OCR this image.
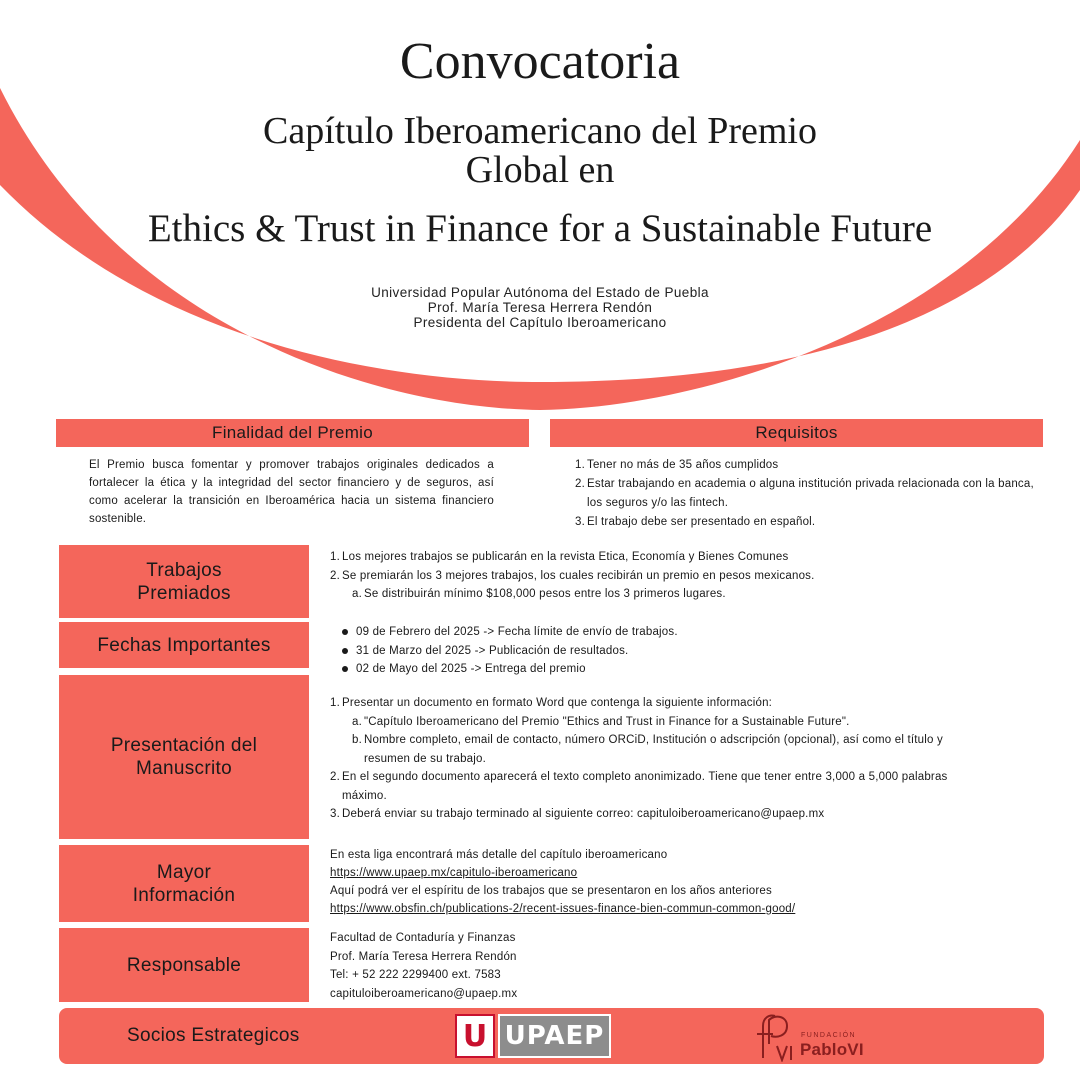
Convocatoria
Capítulo Iberoamericano del Premio
Global en
Ethics & Trust in Finance for a Sustainable Future
Universidad Popular Autónoma del Estado de Puebla
Prof. María Teresa Herrera Rendón
Presidenta del Capítulo Iberoamericano
Finalidad del Premio	Requisitos
El Premio busca fomentar y promover trabajos originales dedicados a fortalecer la ética y la integridad del sector financiero y de seguros, así como acelerar la transición en Iberoamérica hacia un sistema financiero sostenible.
1. Tener no más de 35 años cumplidos
2. Estar trabajando en academia o alguna institución privada relacionada con la banca, los seguros y/o las fintech.
3. El trabajo debe ser presentado en español.
Trabajos Premiados
1. Los mejores trabajos se publicarán en la revista Etica, Economía y Bienes Comunes
2. Se premiarán los 3 mejores trabajos, los cuales recibirán un premio en pesos mexicanos.
a. Se distribuirán mínimo $108,000 pesos entre los 3 primeros lugares.
Fechas Importantes
09 de Febrero del 2025 -> Fecha límite de envío de trabajos.
31 de Marzo del 2025 -> Publicación de resultados.
02 de Mayo del 2025 -> Entrega del premio
Presentación del Manuscrito
1. Presentar un documento en formato Word que contenga la siguiente información:
a. "Capítulo Iberoamericano del Premio "Ethics and Trust in Finance for a Sustainable Future".
b. Nombre completo, email de contacto, número ORCiD, Institución o adscripción (opcional), así como el título y resumen de su trabajo.
2. En el segundo documento aparecerá el texto completo anonimizado. Tiene que tener entre 3,000 a 5,000 palabras máximo.
3. Deberá enviar su trabajo terminado al siguiente correo: capituloiberoamericano@upaep.mx
Mayor Información
En esta liga encontrará más detalle del capítulo iberoamericano
https://www.upaep.mx/capitulo-iberoamericano
Aquí podrá ver el espíritu de los trabajos que se presentaron en los años anteriores
https://www.obsfin.ch/publications-2/recent-issues-finance-bien-commun-common-good/
Responsable
Facultad de Contaduría y Finanzas
Prof. María Teresa Herrera Rendón
Tel: + 52 222 2299400 ext. 7583
capituloiberoamericano@upaep.mx
Socios Estrategicos	U UPAEP	FUNDACIÓN
PabloVI
